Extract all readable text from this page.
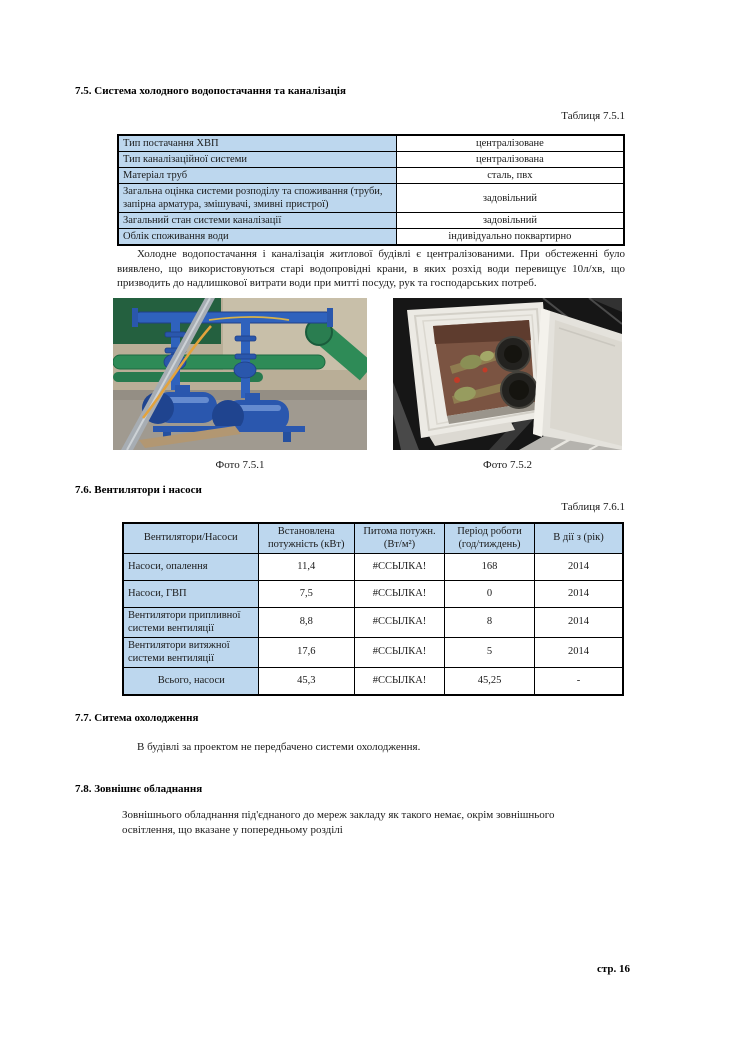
7.5. Система холодного водопостачання та каналізація
Таблиця 7.5.1
Тип постачання ХВП	централізоване
Тип каналізаційної системи	централізована
Матеріал труб	сталь, пвх
Загальна оцінка системи розподілу та споживання (труби, запірна арматура, змішувачі, змивні пристрої)	задовільний
Загальний стан системи каналізації	задовільний
Облік споживання води	індивідуально поквартирно
Холодне водопостачання і каналізація житлової будівлі є централізованими. При обстеженні було виявлено, що використовуються старі водопровідні крани, в яких розхід води перевищує 10л/хв, що призводить до надлишкової витрати води при митті посуду, рук та господарських потреб.
Фото 7.5.1	Фото 7.5.2
7.6. Вентилятори і насоси
Таблиця 7.6.1
Вентилятори/Насоси	Встановлена потужність (кВт)	Питома потужн. (Вт/м²)	Період роботи (год/тиждень)	В дії з (рік)
Насоси, опалення	11,4	#ССЫЛКА!	168	2014
Насоси, ГВП	7,5	#ССЫЛКА!	0	2014
Вентилятори припливної системи вентиляції	8,8	#ССЫЛКА!	8	2014
Вентилятори витяжної системи вентиляції	17,6	#ССЫЛКА!	5	2014
Всього, насоси	45,3	#ССЫЛКА!	45,25	-
7.7. Ситема охолодження
В будівлі за проектом не передбачено системи охолодження.
7.8. Зовнішнє обладнання
Зовнішнього обладнання під'єднаного до мереж закладу як такого немає, окрім зовнішнього освітлення, що вказане у попередньому розділі
стр. 16
